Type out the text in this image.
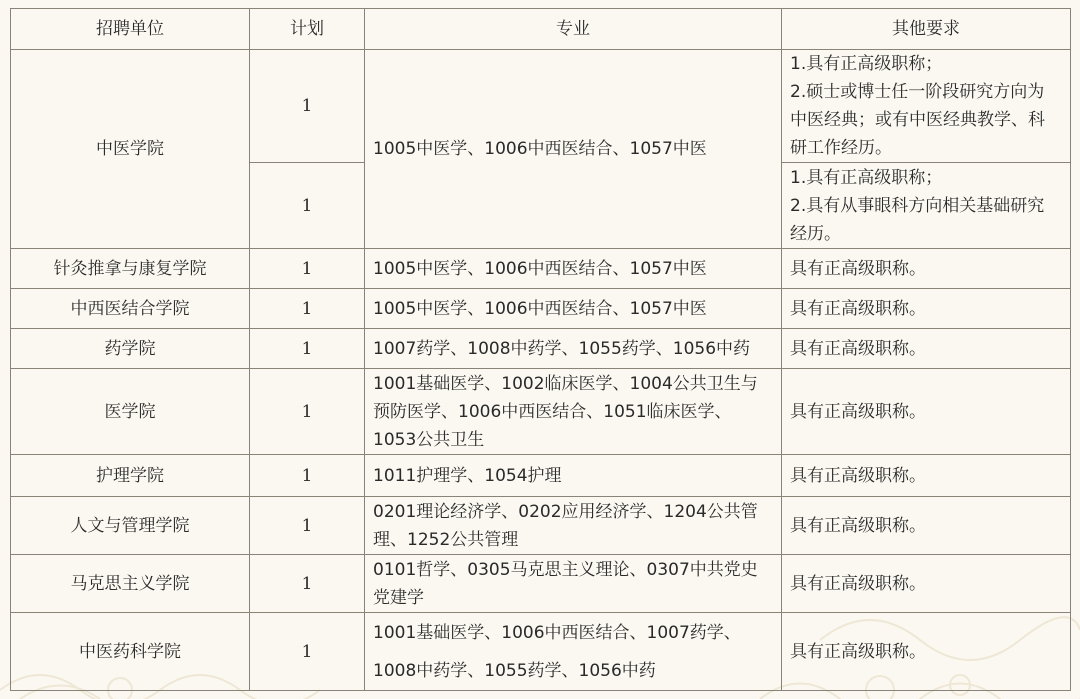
招聘单位	计划	专业	其他要求
中医学院	1	1005中医学、1006中西医结合、1057中医	1.具有正高级职称；
2.硕士或博士任一阶段研究方向为
中医经典；或有中医经典教学、科
研工作经历。

	1		1.具有正高级职称；
2.具有从事眼科方向相关基础研究
经历。

针灸推拿与康复学院	1	1005中医学、1006中西医结合、1057中医	具有正高级职称。

中西医结合学院	1	1005中医学、1006中西医结合、1057中医	具有正高级职称。

药学院	1	1007药学、1008中药学、1055药学、1056中药	具有正高级职称。

医学院	1	1001基础医学、1002临床医学、1004公共卫生与
预防医学、1006中西医结合、1051临床医学、
1053公共卫生	具有正高级职称。

护理学院	1	1011护理学、1054护理	具有正高级职称。

人文与管理学院	1	0201理论经济学、0202应用经济学、1204公共管
理、1252公共管理	具有正高级职称。

马克思主义学院	1	0101哲学、0305马克思主义理论、0307中共党史
党建学	具有正高级职称。

中医药科学院	1	1001基础医学、1006中西医结合、1007药学、
1008中药学、1055药学、1056中药	具有正高级职称。
